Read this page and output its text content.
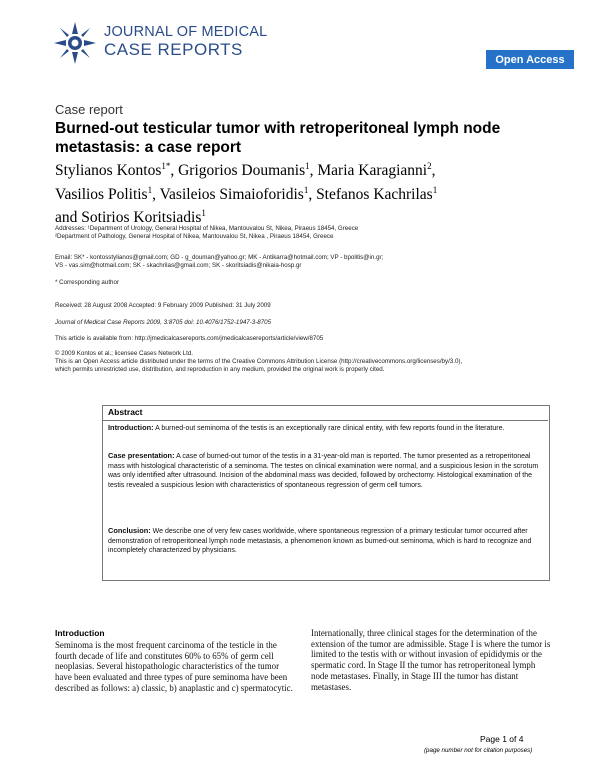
JOURNAL OF MEDICAL
CASE REPORTS
Open Access
Case report
Burned-out testicular tumor with retroperitoneal lymph node metastasis: a case report
Stylianos Kontos$^{1*}$, Grigorios Doumanis$^1$, Maria Karagianni$^2$,
Vasilios Politis$^1$, Vasileios Simaioforidis$^1$, Stefanos Kachrilas$^1$
and Sotirios Koritsiadis$^1$
Addresses: ¹Department of Urology, General Hospital of Nikea, Mantouvalou St, Nikea, Piraeus 18454, Greece
²Department of Pathology, General Hospital of Nikea, Mantouvalou St, Nikea , Piraeus 18454, Greece
Email: SK* - kontosstylianos@gmail.com; GD - g_douman@yahoo.gr; MK - Antikarra@hotmail.com; VP - bpolitis@in.gr;
VS - vas.sim@hotmail.com; SK - skachrilas@gmail.com; SK - skoritsiadis@nikaia-hosp.gr
* Corresponding author
Received: 28 August 2008 Accepted: 9 February 2009 Published: 31 July 2009
Journal of Medical Case Reports 2009, 3:8705 doi: 10.4076/1752-1947-3-8705
This article is available from: http://jmedicalcasereports.com/jmedicalcasereports/article/view/8705
© 2009 Kontos et al.; licensee Cases Network Ltd.
This is an Open Access article distributed under the terms of the Creative Commons Attribution License (http://creativecommons.org/licenses/by/3.0),
which permits unrestricted use, distribution, and reproduction in any medium, provided the original work is properly cited.
Abstract
Introduction: A burned-out seminoma of the testis is an exceptionally rare clinical entity, with few reports found in the literature.
Case presentation: A case of burned-out tumor of the testis in a 31-year-old man is reported. The tumor presented as a retroperitoneal mass with histological characteristic of a seminoma. The testes on clinical examination were normal, and a suspicious lesion in the scrotum was only identified after ultrasound. Incision of the abdominal mass was decided, followed by orchectomy. Histological examination of the testis revealed a suspicious lesion with characteristics of spontaneous regression of germ cell tumors.
Conclusion: We describe one of very few cases worldwide, where spontaneous regression of a primary testicular tumor occurred after demonstration of retroperitoneal lymph node metastasis, a phenomenon known as burned-out seminoma, which is hard to recognize and incompletely characterized by physicians.
Introduction
Seminoma is the most frequent carcinoma of the testicle in the fourth decade of life and constitutes 60% to 65% of germ cell neoplasias. Several histopathologic characteristics of the tumor have been evaluated and three types of pure seminoma have been described as follows: a) classic, b) anaplastic and c) spermatocytic.
Internationally, three clinical stages for the determination of the extension of the tumor are admissible. Stage I is where the tumor is limited to the testis with or without invasion of epididymis or the spermatic cord. In Stage II the tumor has retroperitoneal lymph node metastases. Finally, in Stage III the tumor has distant metastases.
Page 1 of 4
(page number not for citation purposes)
